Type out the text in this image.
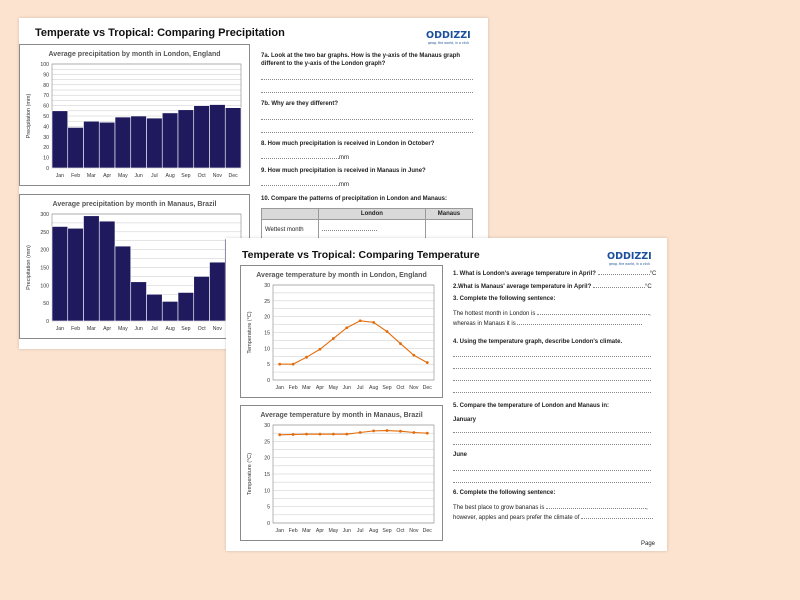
Temperate vs Tropical: Comparing Precipitation	ODDIZZI
geog. the world, in a click
Average precipitation by month in London, England
0
10
20
30
40
50
60
70
80
90
100
Precipitation (mm)
Jan Feb Mar Apr May Jun Jul Aug Sep Oct Nov Dec
Average precipitation by month in Manaus, Brazil
0
50
100
150
200
250
300
Precipitation (mm)
Jan Feb Mar Apr May Jun Jul Aug Sep Oct Nov
7a. Look at the two bar graphs. How is the y-axis of the Manaus graph different to the y-axis of the London graph?
7b. Why are they different?
8. How much precipitation is received in London in October?
mm
9. How much precipitation is received in Manaus in June?
mm
10. Compare the patterns of precipitation in London and Manaus:
	London	Manaus
Wettest month		
Temperate vs Tropical: Comparing Temperature	ODDIZZI
geog. the world, in a click
Average temperature by month in London, England
0
5
10
15
20
25
30
Temperature (°C)
Jan Feb Mar Apr May Jun Jul Aug Sep Oct Nov Dec
Average temperature by month in Manaus, Brazil
0
5
10
15
20
25
30
Temperature (°C)
Jan Feb Mar Apr May Jun Jul Aug Sep Oct Nov Dec
1. What is London's average temperature in April?	°C
2.What is Manaus' average temperature in April?	°C
3. Complete the following sentence:
The hottest month in London is	,
whereas in Manaus it is
4. Using the temperature graph, describe London's climate.
5. Compare the temperature of London and Manaus in:
January
June
6. Complete the following sentence:
The best place to grow bananas is	,
however, apples and pears prefer the climate of
Page
